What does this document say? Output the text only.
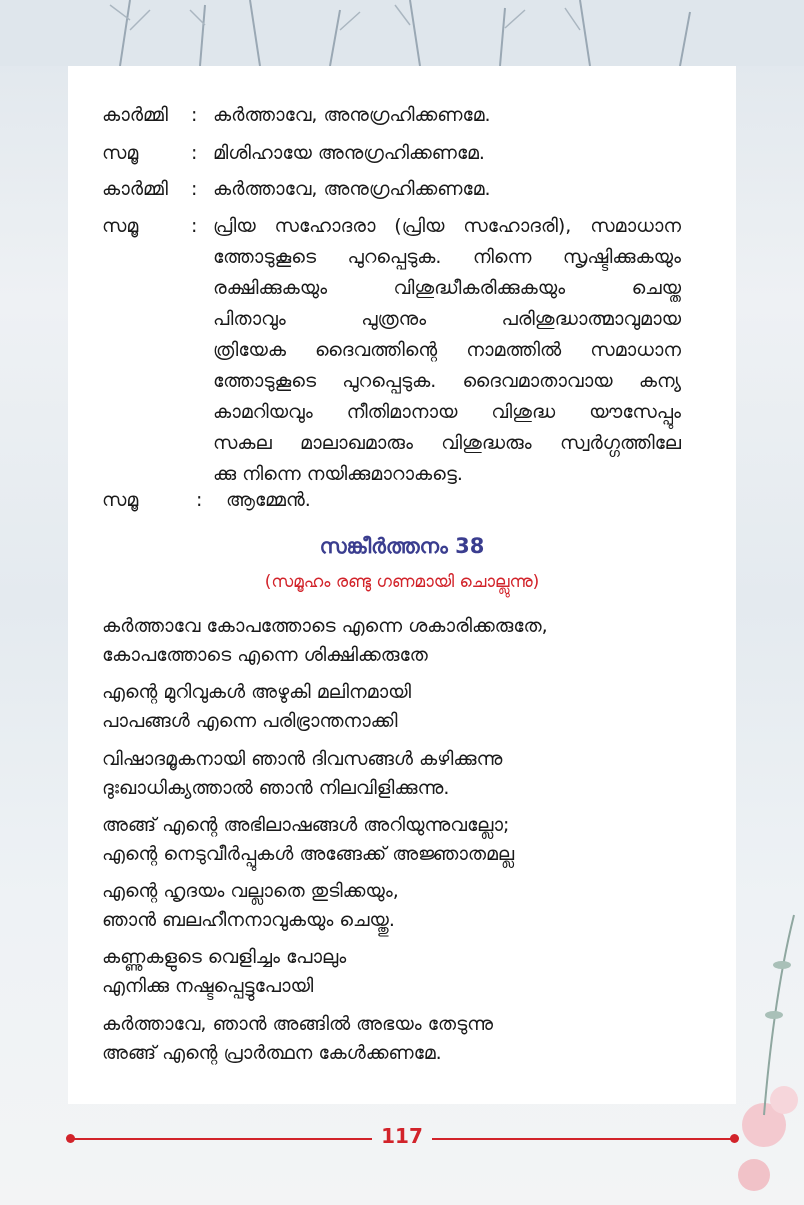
കാർമ്മി : കർത്താവേ, അനുഗ്രഹിക്കണമേ.
സമൂ	: മിശിഹായേ അനുഗ്രഹിക്കണമേ.
കാർമ്മി : കർത്താവേ, അനുഗ്രഹിക്കണമേ.
സമൂ	: പ്രിയ സഹോദരാ (പ്രിയ സഹോദരി), സമാധാന
ത്തോടുകൂടെ പുറപ്പെടുക. നിന്നെ സൃഷ്ടിക്കുകയും
രക്ഷിക്കുകയും വിശുദ്ധീകരിക്കുകയും ചെയ്ത
പിതാവും പുത്രനും പരിശുദ്ധാത്മാവുമായ
ത്രിയേക ദൈവത്തിന്റെ നാമത്തിൽ സമാധാന
ത്തോടുകൂടെ പുറപ്പെടുക. ദൈവമാതാവായ കന്യ
കാമറിയവും നീതിമാനായ വിശുദ്ധ യൗസേപ്പും
സകല മാലാഖമാരും വിശുദ്ധരും സ്വർഗ്ഗത്തിലേ
ക്കു നിന്നെ നയിക്കുമാറാകട്ടെ.
സമൂ	: ആമ്മേൻ.
സങ്കീർത്തനം 38
(സമൂഹം രണ്ടു ഗണമായി ചൊല്ലുന്നു)
കർത്താവേ കോപത്തോടെ എന്നെ ശകാരിക്കരുതേ,
കോപത്തോടെ എന്നെ ശിക്ഷിക്കരുതേ
എന്റെ മുറിവുകൾ അഴുകി മലിനമായി
പാപങ്ങൾ എന്നെ പരിഭ്രാന്തനാക്കി
വിഷാദമൂകനായി ഞാൻ ദിവസങ്ങൾ കഴിക്കുന്നു
ദുഃഖാധിക്യത്താൽ ഞാൻ നിലവിളിക്കുന്നു.
അങ്ങ് എന്റെ അഭിലാഷങ്ങൾ അറിയുന്നുവല്ലോ;
എന്റെ നെടുവീർപ്പുകൾ അങ്ങേക്ക് അജ്ഞാതമല്ല
എന്റെ ഹൃദയം വല്ലാതെ തുടിക്കയും,
ഞാൻ ബലഹീനനാവുകയും ചെയ്തു.
കണ്ണുകളുടെ വെളിച്ചം പോലും
എനിക്കു നഷ്ടപ്പെട്ടുപോയി
കർത്താവേ, ഞാൻ അങ്ങിൽ അഭയം തേടുന്നു
അങ്ങ് എന്റെ പ്രാർത്ഥന കേൾക്കണമേ.
117
